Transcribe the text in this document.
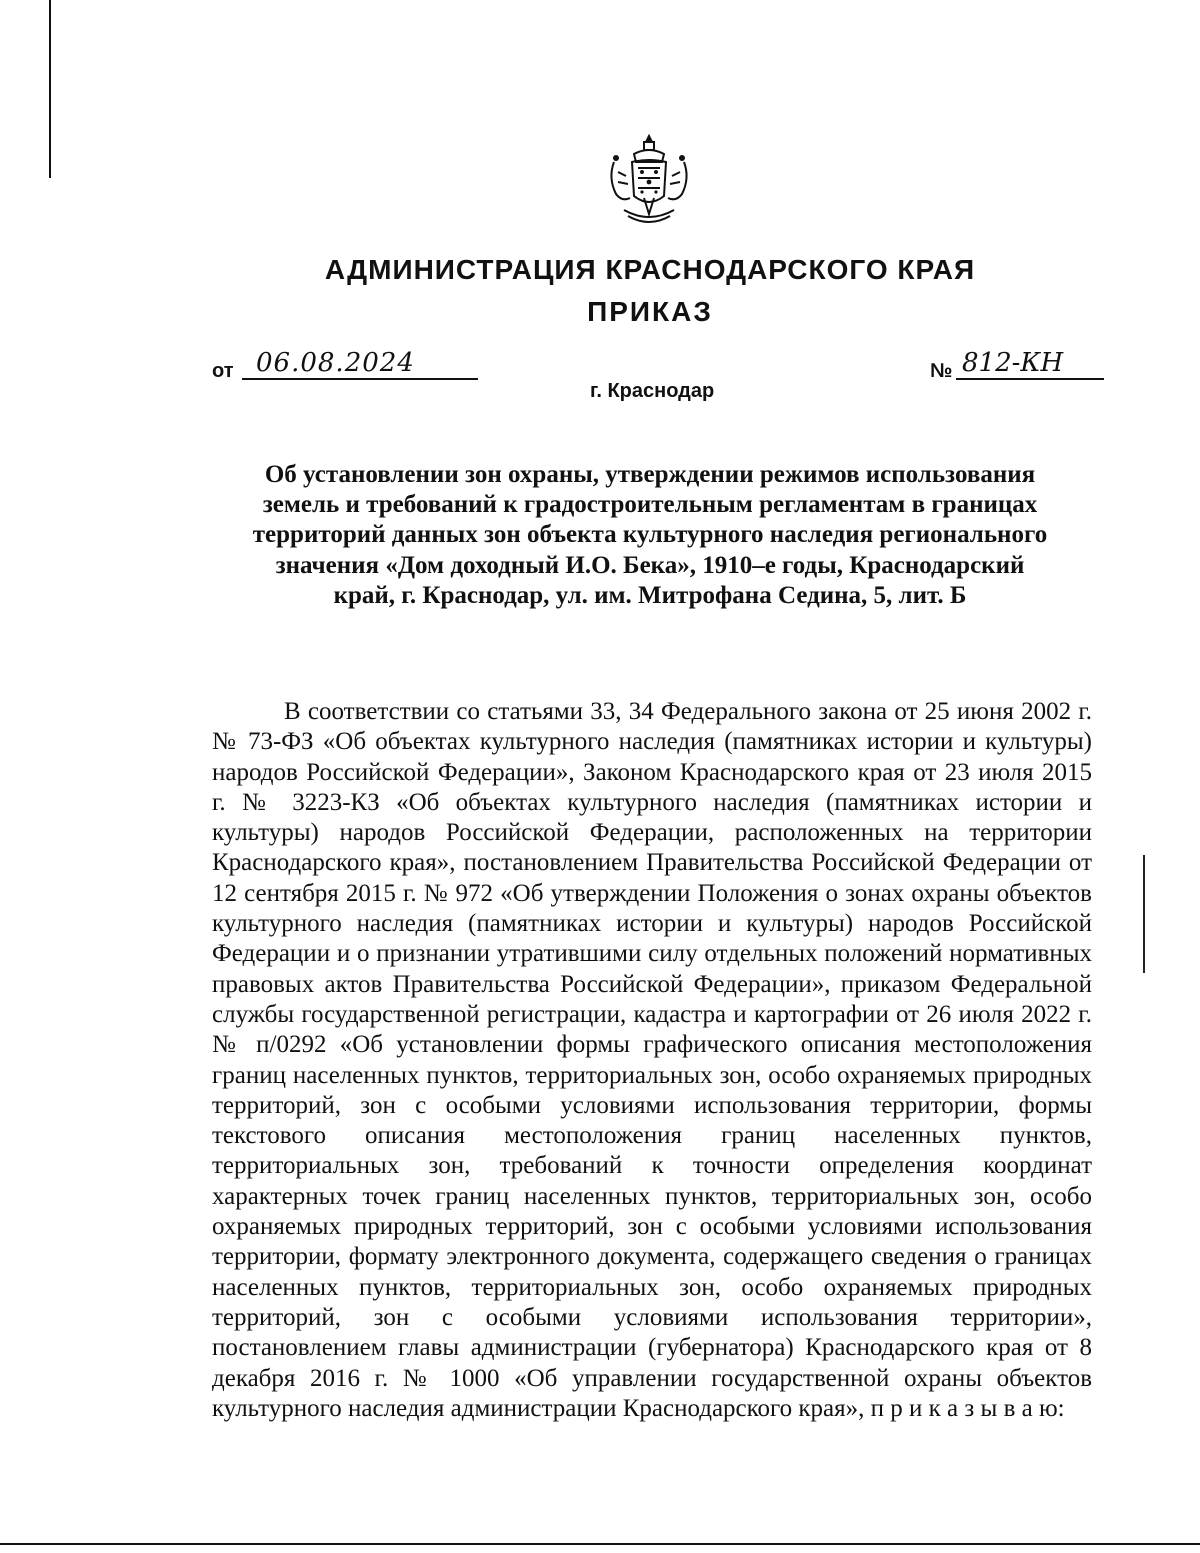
АДМИНИСТРАЦИЯ КРАСНОДАРСКОГО КРАЯ
ПРИКАЗ
от 06.08.2024	№ 812-КН
г. Краснодар
Об установлении зон охраны, утверждении режимов использования земель и требований к градостроительным регламентам в границах территорий данных зон объекта культурного наследия регионального значения «Дом доходный И.О. Бека», 1910–е годы, Краснодарский край, г. Краснодар, ул. им. Митрофана Седина, 5, лит. Б
В соответствии со статьями 33, 34 Федерального закона от 25 июня 2002 г. № 73-ФЗ «Об объектах культурного наследия (памятниках истории и культуры) народов Российской Федерации», Законом Краснодарского края от 23 июля 2015 г. № 3223-КЗ «Об объектах культурного наследия (памятниках истории и культуры) народов Российской Федерации, расположенных на территории Краснодарского края», постановлением Правительства Российской Федерации от 12 сентября 2015 г. № 972 «Об утверждении Положения о зонах охраны объектов культурного наследия (памятниках истории и культуры) народов Российской Федерации и о признании утратившими силу отдельных положений нормативных правовых актов Правительства Российской Федерации», приказом Федеральной службы государственной регистрации, кадастра и картографии от 26 июля 2022 г. № п/0292 «Об установлении формы графического описания местоположения границ населенных пунктов, территориальных зон, особо охраняемых природных территорий, зон с особыми условиями использования территории, формы текстового описания местоположения границ населенных пунктов, территориальных зон, требований к точности определения координат характерных точек границ населенных пунктов, территориальных зон, особо охраняемых природных территорий, зон с особыми условиями использования территории, формату электронного документа, содержащего сведения о границах населенных пунктов, территориальных зон, особо охраняемых природных территорий, зон с особыми условиями использования территории», постановлением главы администрации (губернатора) Краснодарского края от 8 декабря 2016 г. № 1000 «Об управлении государственной охраны объектов культурного наследия администрации Краснодарского края», п р и к а з ы в а ю:
